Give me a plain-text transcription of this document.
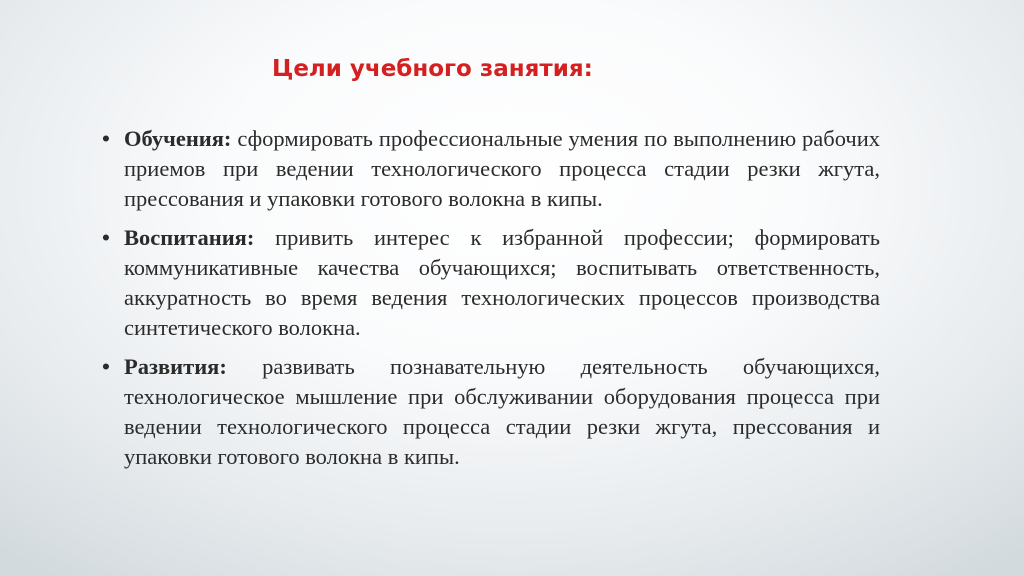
Цели учебного занятия:
• Обучения: сформировать профессиональные умения по выполнению рабочих приемов при ведении технологического процесса стадии резки жгута, прессования и упаковки готового волокна в кипы.
• Воспитания: привить интерес к избранной профессии; формировать коммуникативные качества обучающихся; воспитывать ответственность, аккуратность во время ведения технологических процессов производства синтетического волокна.
• Развития: развивать познавательную деятельность обучающихся, технологическое мышление при обслуживании оборудования процесса при ведении технологического процесса стадии резки жгута, прессования и упаковки готового волокна в кипы.
